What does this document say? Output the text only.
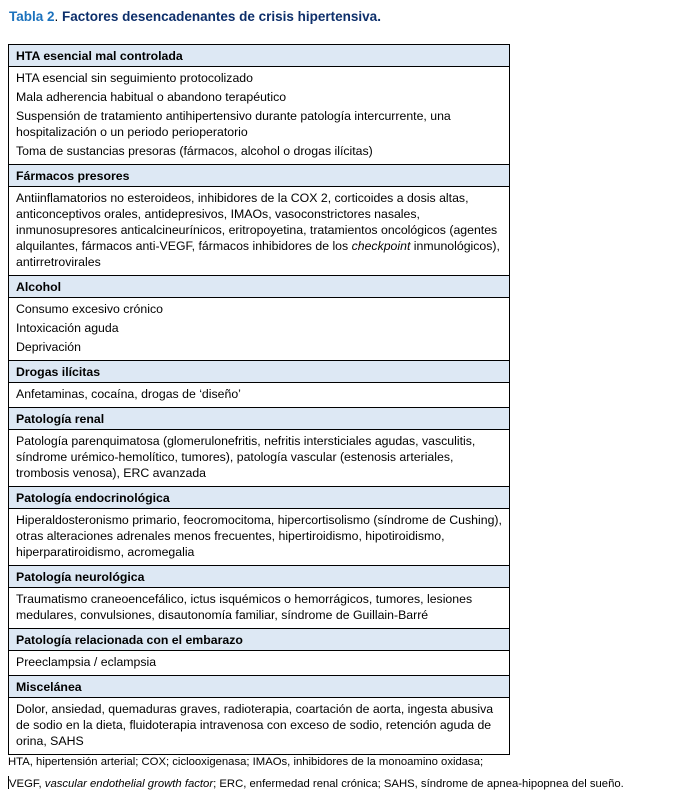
Tabla 2. Factores desencadenantes de crisis hipertensiva.
HTA esencial mal controlada

HTA esencial sin seguimiento protocolizado
Mala adherencia habitual o abandono terapéutico
Suspensión de tratamiento antihipertensivo durante patología intercurrente, una hospitalización o un periodo perioperatorio
Toma de sustancias presoras (fármacos, alcohol o drogas ilícitas)

Fármacos presores

Antiinflamatorios no esteroideos, inhibidores de la COX 2, corticoides a dosis altas, anticonceptivos orales, antidepresivos, IMAOs, vasoconstrictores nasales, inmunosupresores anticalcineurínicos, eritropoyetina, tratamientos oncológicos (agentes alquilantes, fármacos anti-VEGF, fármacos inhibidores de los checkpoint inmunológicos), antirretrovirales

Alcohol

Consumo excesivo crónico
Intoxicación aguda
Deprivación

Drogas ilícitas

Anfetaminas, cocaína, drogas de ‘diseño’

Patología renal

Patología parenquimatosa (glomerulonefritis, nefritis intersticiales agudas, vasculitis, síndrome urémico-hemolítico, tumores), patología vascular (estenosis arteriales, trombosis venosa), ERC avanzada

Patología endocrinológica

Hiperaldosteronismo primario, feocromocitoma, hipercortisolismo (síndrome de Cushing), otras alteraciones adrenales menos frecuentes, hipertiroidismo, hipotiroidismo, hiperparatiroidismo, acromegalia

Patología neurológica

Traumatismo craneoencefálico, ictus isquémicos o hemorrágicos, tumores, lesiones medulares, convulsiones, disautonomía familiar, síndrome de Guillain-Barré

Patología relacionada con el embarazo

Preeclampsia / eclampsia

Miscelánea

Dolor, ansiedad, quemaduras graves, radioterapia, coartación de aorta, ingesta abusiva de sodio en la dieta, fluidoterapia intravenosa con exceso de sodio, retención aguda de orina, SAHS
HTA, hipertensión arterial; COX; ciclooxigenasa; IMAOs, inhibidores de la monoamino oxidasa;
VEGF, vascular endothelial growth factor; ERC, enfermedad renal crónica; SAHS, síndrome de apnea-hipopnea del sueño.
